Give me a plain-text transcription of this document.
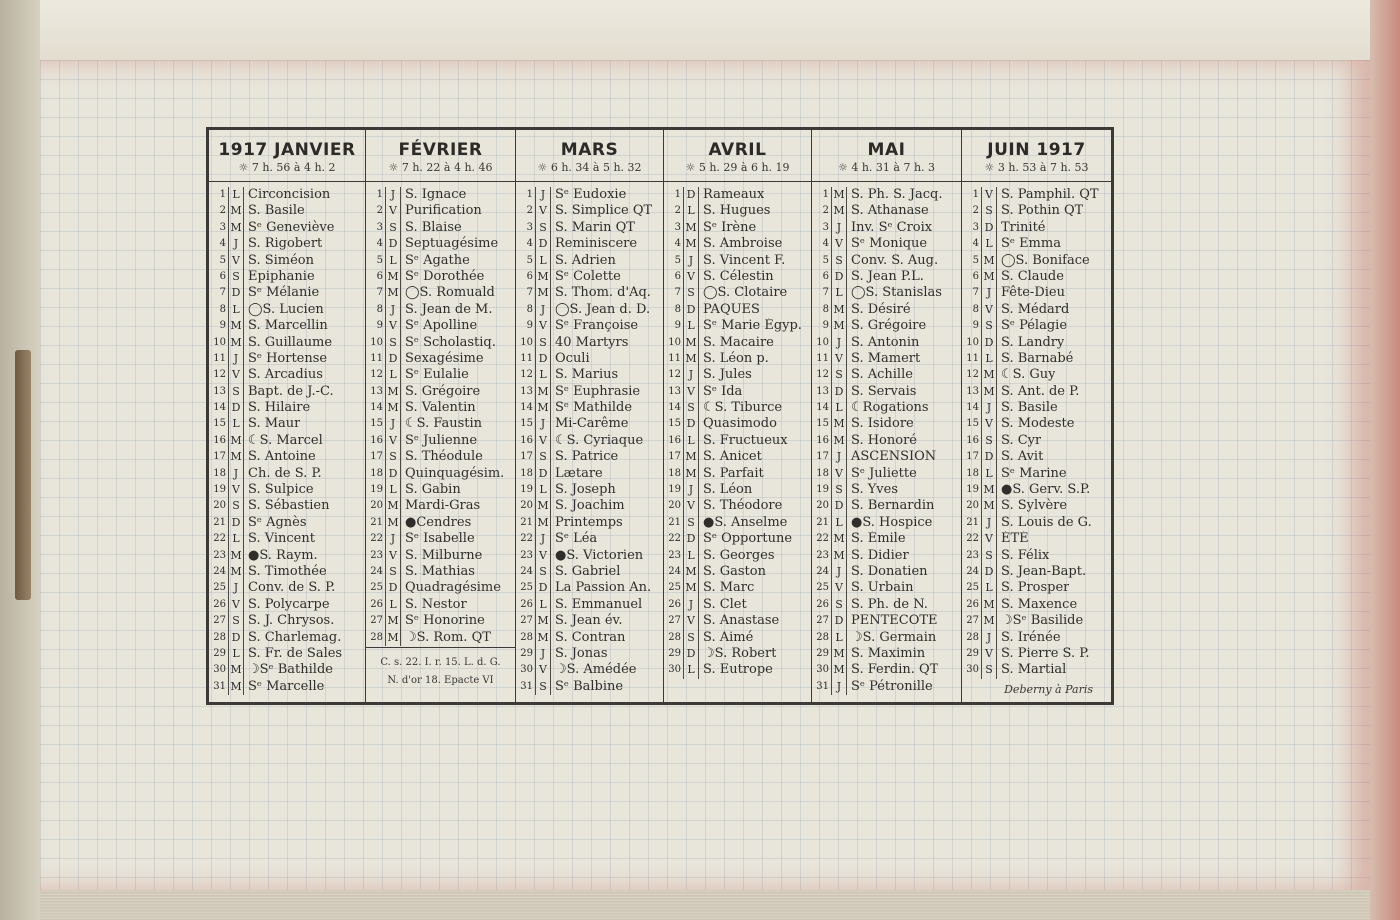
1917 JANVIER
☼ 7 h. 56 à 4 h. 2
1 L Circoncision
2 M S. Basile
3 M Sᵉ Geneviève
4 J S. Rigobert
5 V S. Siméon
6 S Epiphanie
7 D Sᵉ Mélanie
8 L ◯S. Lucien
9 M S. Marcellin
10 M S. Guillaume
11 J Sᵉ Hortense
12 V S. Arcadius
13 S Bapt. de J.-C.
14 D S. Hilaire
15 L S. Maur
16 M ☾S. Marcel
17 M S. Antoine
18 J Ch. de S. P.
19 V S. Sulpice
20 S S. Sébastien
21 D Sᵉ Agnès
22 L S. Vincent
23 M ●S. Raym.
24 M S. Timothée
25 J Conv. de S. P.
26 V S. Polycarpe
27 S S. J. Chrysos.
28 D S. Charlemag.
29 L S. Fr. de Sales
30 M ☽Sᵉ Bathilde
31 M Sᵉ Marcelle
FÉVRIER
☼ 7 h. 22 à 4 h. 46
1 J S. Ignace
2 V Purification
3 S S. Blaise
4 D Septuagésime
5 L Sᵉ Agathe
6 M Sᵉ Dorothée
7 M ◯S. Romuald
8 J S. Jean de M.
9 V Sᵉ Apolline
10 S Sᵉ Scholastiq.
11 D Sexagésime
12 L Sᵉ Eulalie
13 M S. Grégoire
14 M S. Valentin
15 J ☾S. Faustin
16 V Sᵉ Julienne
17 S S. Théodule
18 D Quinquagésim.
19 L S. Gabin
20 M Mardi-Gras
21 M ●Cendres
22 J Sᵉ Isabelle
23 V S. Milburne
24 S S. Mathias
25 D Quadragésime
26 L S. Nestor
27 M Sᵉ Honorine
28 M ☽S. Rom. QT
C. s. 22. I. r. 15. L. d. G.
N. d'or 18. Epacte VI
MARS
☼ 6 h. 34 à 5 h. 32
1 J Sᵉ Eudoxie
2 V S. Simplice QT
3 S S. Marin QT
4 D Reminiscere
5 L S. Adrien
6 M Sᵉ Colette
7 M S. Thom. d'Aq.
8 J ◯S. Jean d. D.
9 V Sᵉ Françoise
10 S 40 Martyrs
11 D Oculi
12 L S. Marius
13 M Sᵉ Euphrasie
14 M Sᵉ Mathilde
15 J Mi-Carême
16 V ☾S. Cyriaque
17 S S. Patrice
18 D Lætare
19 L S. Joseph
20 M S. Joachim
21 M Printemps
22 J Sᵉ Léa
23 V ●S. Victorien
24 S S. Gabriel
25 D La Passion An.
26 L S. Emmanuel
27 M S. Jean év.
28 M S. Contran
29 J S. Jonas
30 V ☽S. Amédée
31 S Sᵉ Balbine
AVRIL
☼ 5 h. 29 à 6 h. 19
1 D Rameaux
2 L S. Hugues
3 M Sᵉ Irène
4 M S. Ambroise
5 J S. Vincent F.
6 V S. Célestin
7 S ◯S. Clotaire
8 D PAQUES
9 L Sᵉ Marie Égyp.
10 M S. Macaire
11 M S. Léon p.
12 J S. Jules
13 V Sᵉ Ida
14 S ☾S. Tiburce
15 D Quasimodo
16 L S. Fructueux
17 M S. Anicet
18 M S. Parfait
19 J S. Léon
20 V S. Théodore
21 S ●S. Anselme
22 D Sᵉ Opportune
23 L S. Georges
24 M S. Gaston
25 M S. Marc
26 J S. Clet
27 V S. Anastase
28 S S. Aimé
29 D ☽S. Robert
30 L S. Eutrope
MAI
☼ 4 h. 31 à 7 h. 3
1 M S. Ph. S. Jacq.
2 M S. Athanase
3 J Inv. Sᵉ Croix
4 V Sᵉ Monique
5 S Conv. S. Aug.
6 D S. Jean P.L.
7 L ◯S. Stanislas
8 M S. Désiré
9 M S. Grégoire
10 J S. Antonin
11 V S. Mamert
12 S S. Achille
13 D S. Servais
14 L ☾Rogations
15 M S. Isidore
16 M S. Honoré
17 J ASCENSION
18 V Sᵉ Juliette
19 S S. Yves
20 D S. Bernardin
21 L ●S. Hospice
22 M S. Émile
23 M S. Didier
24 J S. Donatien
25 V S. Urbain
26 S S. Ph. de N.
27 D PENTECOTE
28 L ☽S. Germain
29 M S. Maximin
30 M S. Ferdin. QT
31 J Sᵉ Pétronille
JUIN 1917
☼ 3 h. 53 à 7 h. 53
1 V S. Pamphil. QT
2 S S. Pothin QT
3 D Trinité
4 L Sᵉ Emma
5 M ◯S. Boniface
6 M S. Claude
7 J Fête-Dieu
8 V S. Médard
9 S Sᵉ Pélagie
10 D S. Landry
11 L S. Barnabé
12 M ☾S. Guy
13 M S. Ant. de P.
14 J S. Basile
15 V S. Modeste
16 S S. Cyr
17 D S. Avit
18 L Sᵉ Marine
19 M ●S. Gerv. S.P.
20 M S. Sylvère
21 J S. Louis de G.
22 V ÉTÉ
23 S S. Félix
24 D S. Jean-Bapt.
25 L S. Prosper
26 M S. Maxence
27 M ☽Sᵉ Basilide
28 J S. Irénée
29 V S. Pierre S. P.
30 S S. Martial
Deberny à Paris
